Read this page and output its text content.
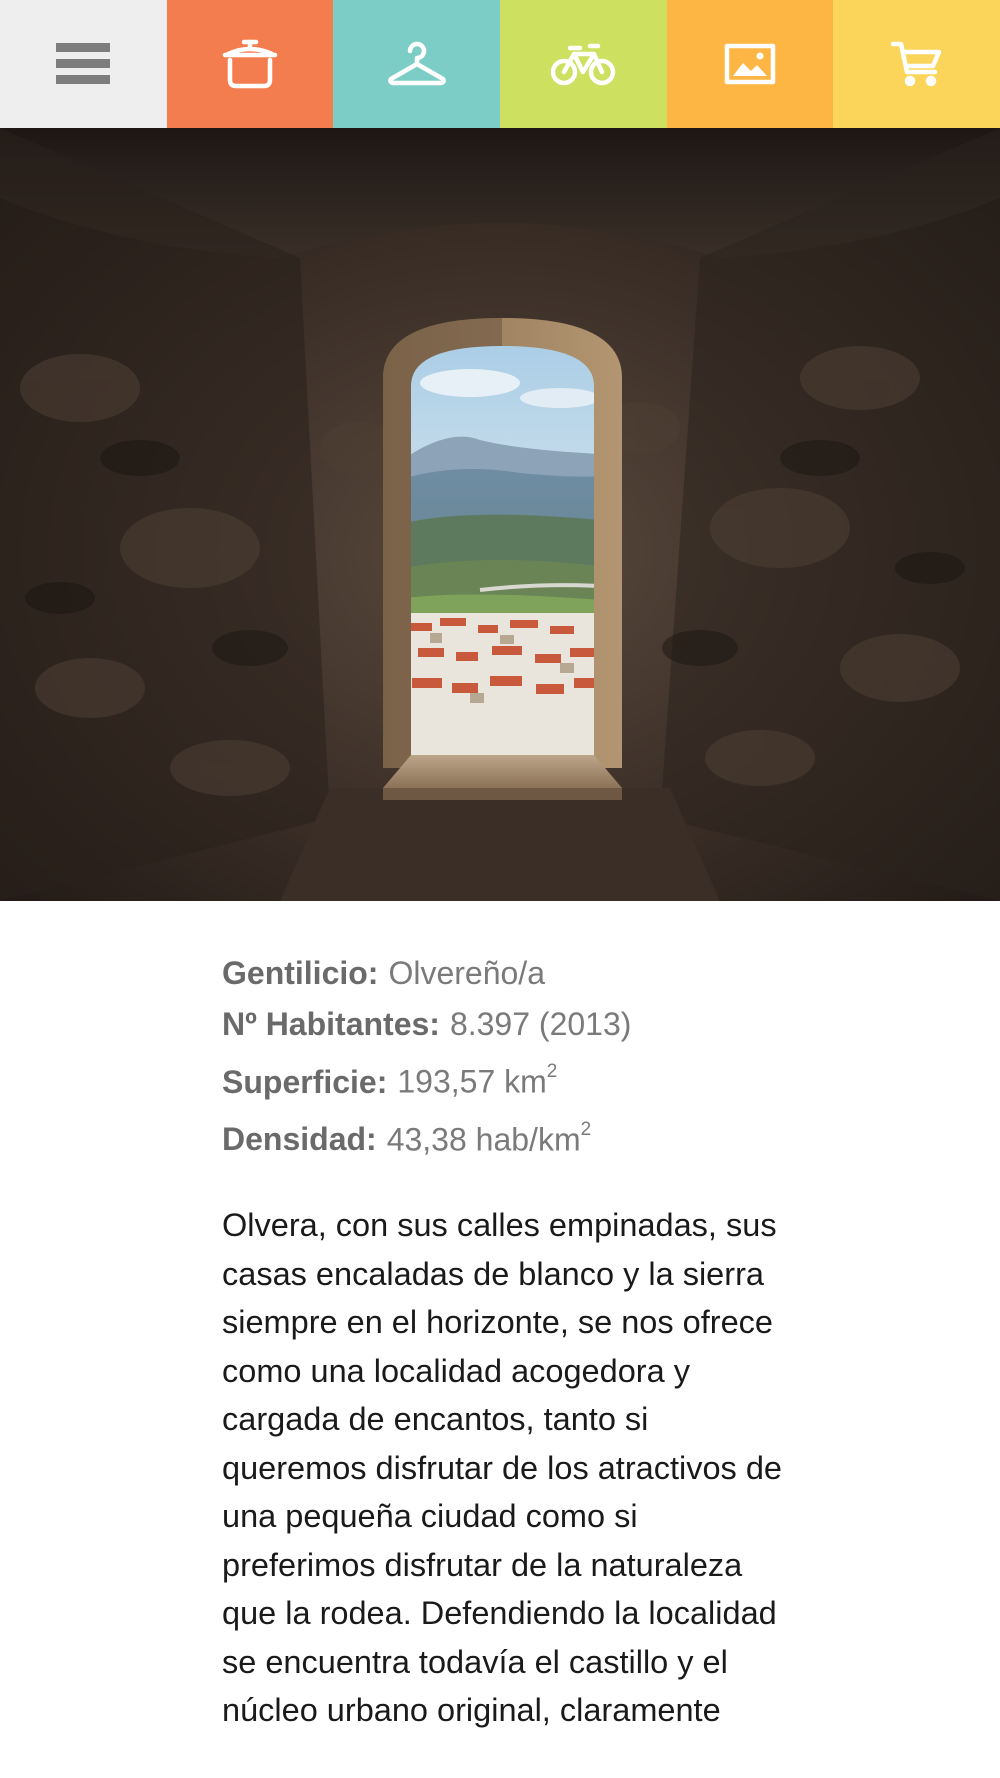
Gentilicio: Olvereño/a
Nº Habitantes: 8.397 (2013)
Superficie: 193,57 $km^2$
Densidad: 43,38 hab/$km^2$

Olvera, con sus calles empinadas, sus casas encaladas de blanco y la sierra siempre en el horizonte, se nos ofrece como una localidad acogedora y cargada de encantos, tanto si queremos disfrutar de los atractivos de una pequeña ciudad como si preferimos disfrutar de la naturaleza que la rodea. Defendiendo la localidad se encuentra todavía el castillo y el núcleo urbano original, claramente
